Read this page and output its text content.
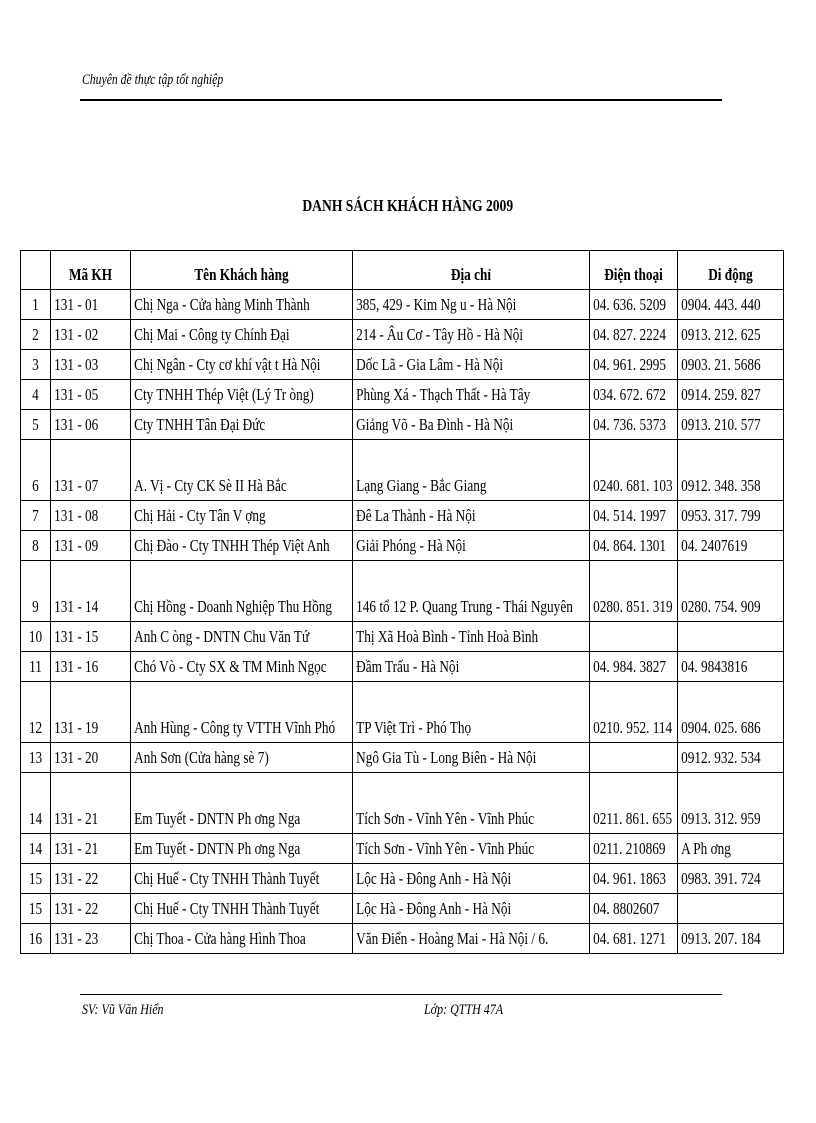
Chuyên đề thực tập tốt nghiệp
DANH SÁCH KHÁCH HÀNG 2009

	Mã KH	Tên Khách hàng	Địa chỉ	Điện thoại	Di động

1	131 - 01	Chị Nga - Cửa hàng Minh Thành	385, 429 - Kim Ng u - Hà Nội	04. 636. 5209	0904. 443. 440

2	131 - 02	Chị Mai - Công ty Chính Đại	214 - Âu Cơ - Tây Hồ - Hà Nội	04. 827. 2224	0913. 212. 625

3	131 - 03	Chị Ngân - Cty cơ khí vật t Hà Nội	Dốc Lã - Gia Lâm - Hà Nội	04. 961. 2995	0903. 21. 5686

4	131 - 05	Cty TNHH Thép Việt (Lý Tr òng)	Phùng Xá - Thạch Thất - Hà Tây	034. 672. 672	0914. 259. 827

5	131 - 06	Cty TNHH Tân Đại Đức	Giảng Võ - Ba Đình - Hà Nội	04. 736. 5373	0913. 210. 577

6	131 - 07	A. Vị - Cty CK Sè II Hà Bắc	Lạng Giang - Bắc Giang	0240. 681. 103	0912. 348. 358

7	131 - 08	Chị Hải - Cty Tân V ợng	Đê La Thành - Hà Nội	04. 514. 1997	0953. 317. 799

8	131 - 09	Chị Đào - Cty TNHH Thép Việt Anh	Giải Phóng - Hà Nội	04. 864. 1301	04. 2407619

9	131 - 14	Chị Hồng - Doanh Nghiệp Thu Hồng	146 tổ 12 P. Quang Trung - Thái Nguyên	0280. 851. 319	0280. 754. 909

10	131 - 15	Anh C òng - DNTN Chu Văn Tứ	Thị Xã Hoà Bình - Tỉnh Hoà Bình		

11	131 - 16	Chó Vò - Cty SX & TM Minh Ngọc	Đầm Trấu - Hà Nội	04. 984. 3827	04. 9843816

12	131 - 19	Anh Hùng - Công ty VTTH Vĩnh Phó	TP Việt Trì - Phó Thọ	0210. 952. 114	0904. 025. 686

13	131 - 20	Anh Sơn (Cửa hàng sè 7)	Ngô Gia Tù - Long Biên - Hà Nội		0912. 932. 534

14	131 - 21	Em Tuyết - DNTN Ph ơng Nga	Tích Sơn - Vĩnh Yên - Vĩnh Phúc	0211. 861. 655	0913. 312. 959

14	131 - 21	Em Tuyết - DNTN Ph ơng Nga	Tích Sơn - Vĩnh Yên - Vĩnh Phúc	0211. 210869	A Ph ơng

15	131 - 22	Chị Huế - Cty TNHH Thành Tuyết	Lộc Hà - Đông Anh - Hà Nội	04. 961. 1863	0983. 391. 724

15	131 - 22	Chị Huế - Cty TNHH Thành Tuyết	Lộc Hà - Đông Anh - Hà Nội	04. 8802607	

16	131 - 23	Chị Thoa - Cửa hàng Hình Thoa	Văn Điển - Hoàng Mai - Hà Nội / 6.	04. 681. 1271	0913. 207. 184
SV: Vũ Văn Hiển	Lớp: QTTH 47A
